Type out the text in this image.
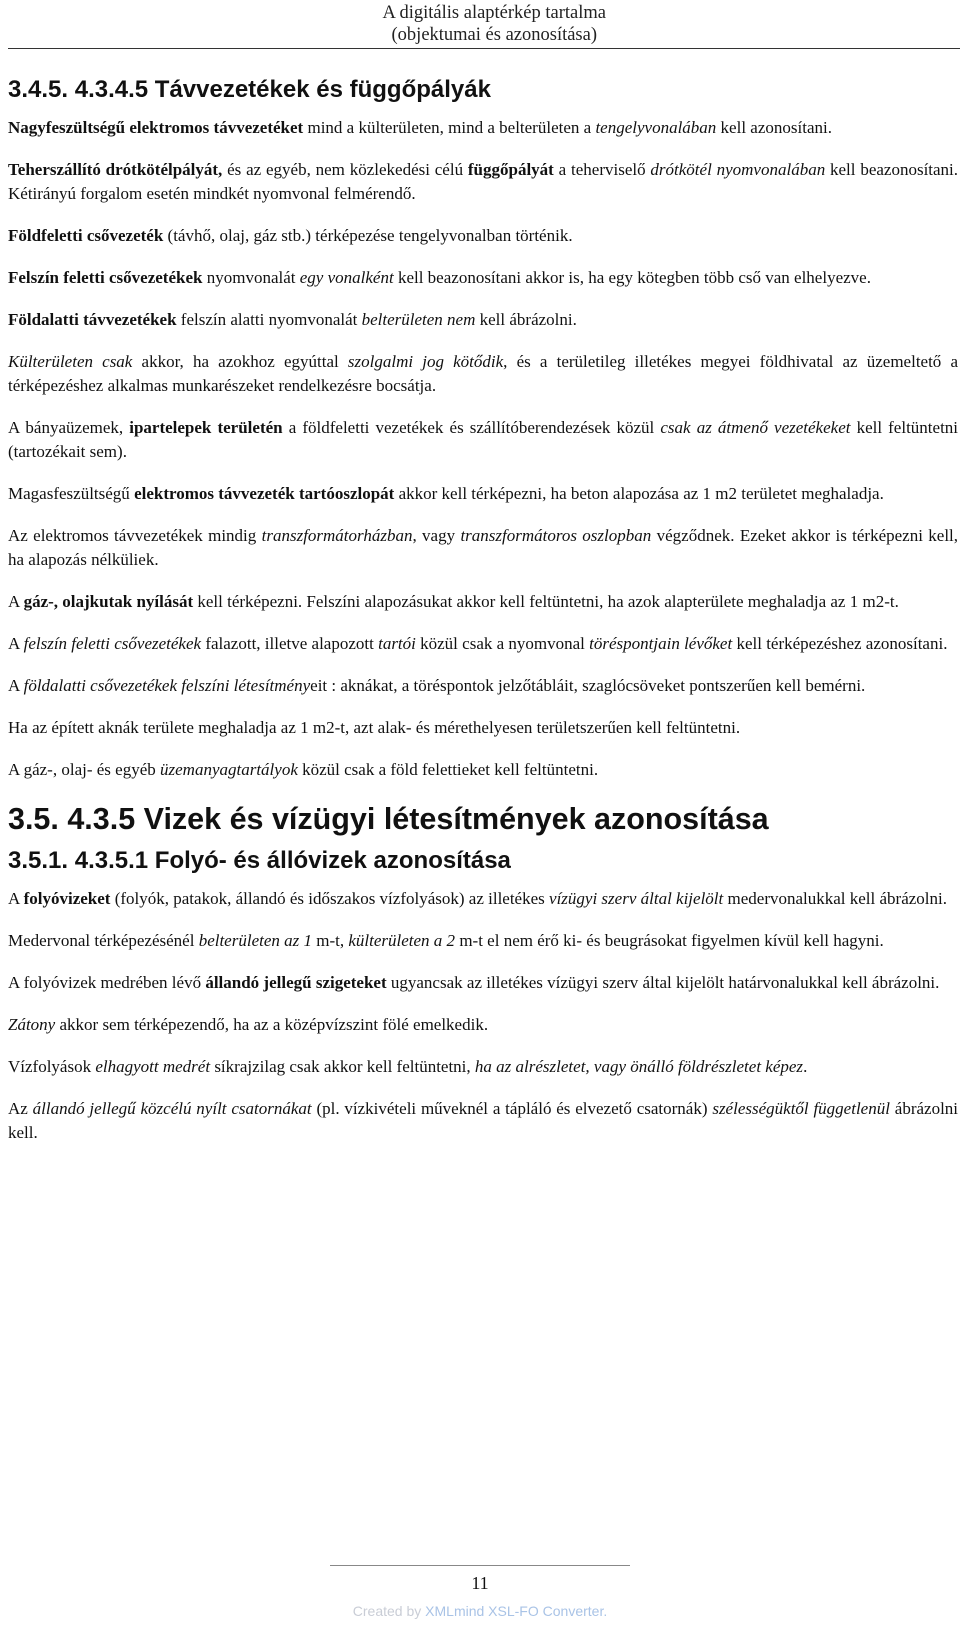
A digitális alaptérkép tartalma
(objektumai és azonosítása)
3.4.5. 4.3.4.5 Távvezetékek és függőpályák

Nagyfeszültségű elektromos távvezetéket mind a külterületen, mind a belterületen a tengelyvonalában kell azonosítani.

Teherszállító drótkötélpályát, és az egyéb, nem közlekedési célú függőpályát a teherviselő drótkötél nyomvonalában kell beazonosítani. Kétirányú forgalom esetén mindkét nyomvonal felmérendő.

Földfeletti csővezeték (távhő, olaj, gáz stb.) térképezése tengelyvonalban történik.

Felszín feletti csővezetékek nyomvonalát egy vonalként kell beazonosítani akkor is, ha egy kötegben több cső van elhelyezve.

Földalatti távvezetékek felszín alatti nyomvonalát belterületen nem kell ábrázolni.

Külterületen csak akkor, ha azokhoz egyúttal szolgalmi jog kötődik, és a területileg illetékes megyei földhivatal az üzemeltető a térképezéshez alkalmas munkarészeket rendelkezésre bocsátja.

A bányaüzemek, ipartelepek területén a földfeletti vezetékek és szállítóberendezések közül csak az átmenő vezetékeket kell feltüntetni (tartozékait sem).

Magasfeszültségű elektromos távvezeték tartóoszlopát akkor kell térképezni, ha beton alapozása az 1 m2 területet meghaladja.

Az elektromos távvezetékek mindig transzformátorházban, vagy transzformátoros oszlopban végződnek. Ezeket akkor is térképezni kell, ha alapozás nélküliek.

A gáz-, olajkutak nyílását kell térképezni. Felszíni alapozásukat akkor kell feltüntetni, ha azok alapterülete meghaladja az 1 m2-t.

A felszín feletti csővezetékek falazott, illetve alapozott tartói közül csak a nyomvonal töréspontjain lévőket kell térképezéshez azonosítani.

A földalatti csővezetékek felszíni létesítményeit : aknákat, a töréspontok jelzőtábláit, szaglócsöveket pontszerűen kell bemérni.

Ha az épített aknák területe meghaladja az 1 m2-t, azt alak- és mérethelyesen területszerűen kell feltüntetni.

A gáz-, olaj- és egyéb üzemanyagtartályok közül csak a föld felettieket kell feltüntetni.

3.5. 4.3.5 Vizek és vízügyi létesítmények azonosítása
3.5.1. 4.3.5.1 Folyó- és állóvizek azonosítása

A folyóvizeket (folyók, patakok, állandó és időszakos vízfolyások) az illetékes vízügyi szerv által kijelölt medervonalukkal kell ábrázolni.

Medervonal térképezésénél belterületen az 1 m-t, külterületen a 2 m-t el nem érő ki- és beugrásokat figyelmen kívül kell hagyni.

A folyóvizek medrében lévő állandó jellegű szigeteket ugyancsak az illetékes vízügyi szerv által kijelölt határvonalukkal kell ábrázolni.

Zátony akkor sem térképezendő, ha az a középvízszint fölé emelkedik.

Vízfolyások elhagyott medrét síkrajzilag csak akkor kell feltüntetni, ha az alrészletet, vagy önálló földrészletet képez.

Az állandó jellegű közcélú nyílt csatornákat (pl. vízkivételi műveknél a tápláló és elvezető csatornák) szélességüktől függetlenül ábrázolni kell.

11
Created by XMLmind XSL-FO Converter.
